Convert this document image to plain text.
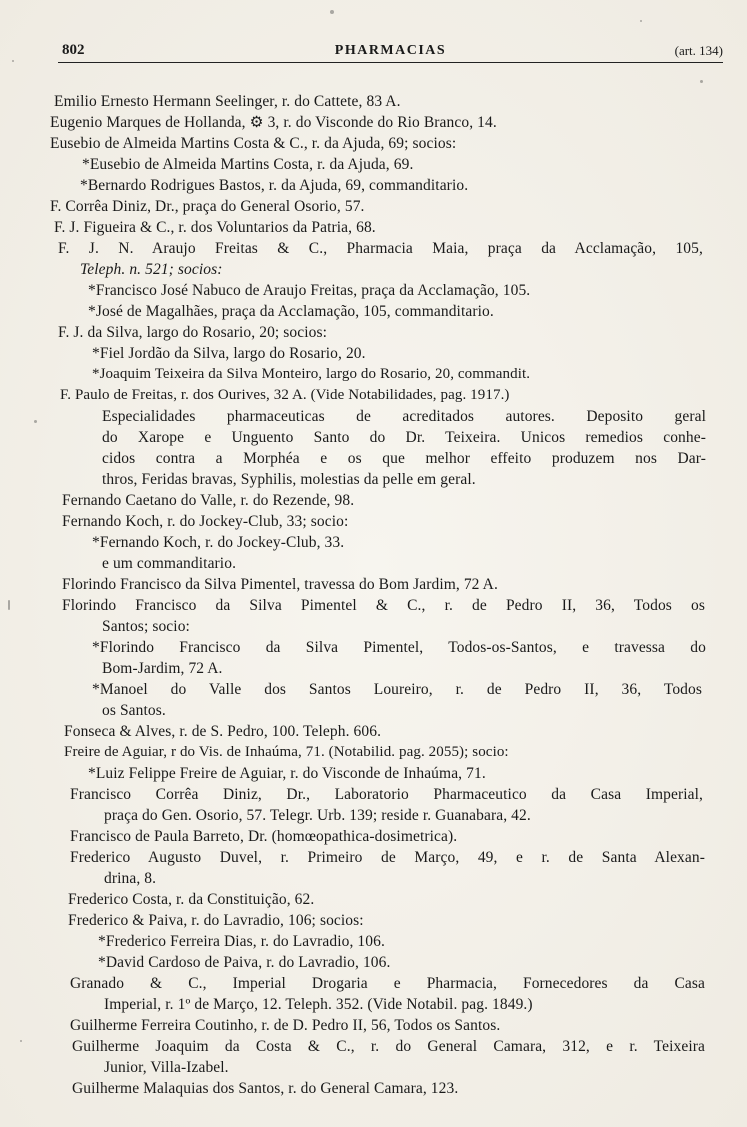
802	PHARMACIAS	(art. 134)
Emilio Ernesto Hermann Seelinger, r. do Cattete, 83 A.
Eugenio Marques de Hollanda, ⚙ 3, r. do Visconde do Rio Branco, 14.
Eusebio de Almeida Martins Costa & C., r. da Ajuda, 69; socios:
*Eusebio de Almeida Martins Costa, r. da Ajuda, 69.
*Bernardo Rodrigues Bastos, r. da Ajuda, 69, commanditario.
F. Corrêa Diniz, Dr., praça do General Osorio, 57.
F. J. Figueira & C., r. dos Voluntarios da Patria, 68.
F. J. N. Araujo Freitas & C., Pharmacia Maia, praça da Acclamação, 105,
Teleph. n. 521; socios:
*Francisco José Nabuco de Araujo Freitas, praça da Acclamação, 105.
*José de Magalhães, praça da Acclamação, 105, commanditario.
F. J. da Silva, largo do Rosario, 20; socios:
*Fiel Jordão da Silva, largo do Rosario, 20.
*Joaquim Teixeira da Silva Monteiro, largo do Rosario, 20, commandit.
F. Paulo de Freitas, r. dos Ourives, 32 A. (Vide Notabilidades, pag. 1917.)
Especialidades pharmaceuticas de acreditados autores. Deposito geral
do Xarope e Unguento Santo do Dr. Teixeira. Unicos remedios conhe-
cidos contra a Morphéa e os que melhor effeito produzem nos Dar-
thros, Feridas bravas, Syphilis, molestias da pelle em geral.
Fernando Caetano do Valle, r. do Rezende, 98.
Fernando Koch, r. do Jockey-Club, 33; socio:
*Fernando Koch, r. do Jockey-Club, 33.
e um commanditario.
Florindo Francisco da Silva Pimentel, travessa do Bom Jardim, 72 A.
Florindo Francisco da Silva Pimentel & C., r. de Pedro II, 36, Todos os
Santos; socio:
*Florindo Francisco da Silva Pimentel, Todos-os-Santos, e travessa do
Bom-Jardim, 72 A.
*Manoel do Valle dos Santos Loureiro, r. de Pedro II, 36, Todos
os Santos.
Fonseca & Alves, r. de S. Pedro, 100. Teleph. 606.
Freire de Aguiar, r do Vis. de Inhaúma, 71. (Notabilid. pag. 2055); socio:
*Luiz Felippe Freire de Aguiar, r. do Visconde de Inhaúma, 71.
Francisco Corrêa Diniz, Dr., Laboratorio Pharmaceutico da Casa Imperial,
praça do Gen. Osorio, 57. Telegr. Urb. 139; reside r. Guanabara, 42.
Francisco de Paula Barreto, Dr. (homœopathica-dosimetrica).
Frederico Augusto Duvel, r. Primeiro de Março, 49, e r. de Santa Alexan-
drina, 8.
Frederico Costa, r. da Constituição, 62.
Frederico & Paiva, r. do Lavradio, 106; socios:
*Frederico Ferreira Dias, r. do Lavradio, 106.
*David Cardoso de Paiva, r. do Lavradio, 106.
Granado & C., Imperial Drogaria e Pharmacia, Fornecedores da Casa
Imperial, r. 1º de Março, 12. Teleph. 352. (Vide Notabil. pag. 1849.)
Guilherme Ferreira Coutinho, r. de D. Pedro II, 56, Todos os Santos.
Guilherme Joaquim da Costa & C., r. do General Camara, 312, e r. Teixeira
Junior, Villa-Izabel.
Guilherme Malaquias dos Santos, r. do General Camara, 123.
